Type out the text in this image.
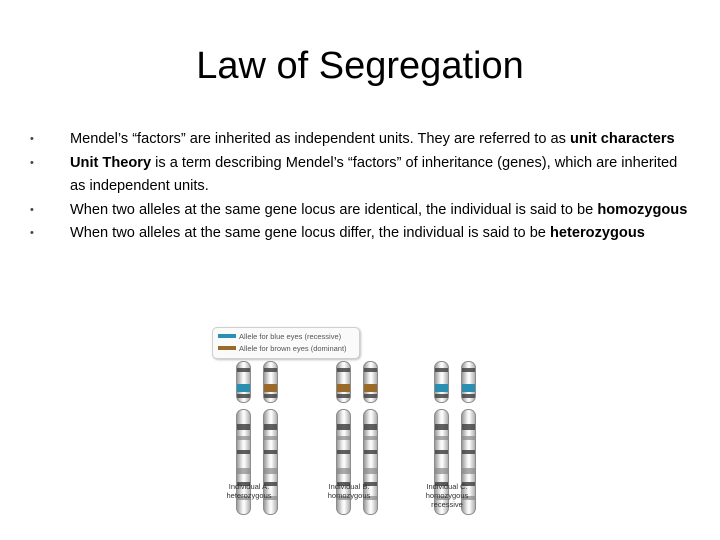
Law of Segregation
• Mendel’s “factors” are inherited as independent units. They are referred to as unit characters
• Unit Theory is a term describing Mendel’s “factors” of inheritance (genes), which are inherited as independent units.
• When two alleles at the same gene locus are identical, the individual is said to be homozygous
• When two alleles at the same gene locus differ, the individual is said to be heterozygous
Allele for blue eyes (recessive)
Allele for brown eyes (dominant)
Individual A:
heterozygous
Individual B:
homozygous
Individual C:
homozygous
recessive
